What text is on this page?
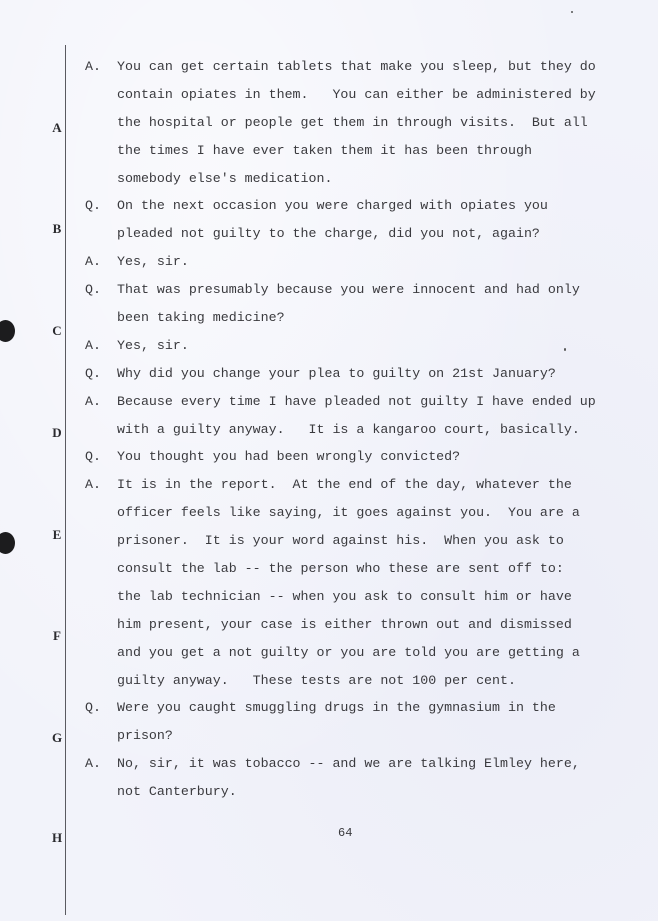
A
B
C
D
E
F
G
H
A. You can get certain tablets that make you sleep, but they do
contain opiates in them.   You can either be administered by
the hospital or people get them in through visits.  But all
the times I have ever taken them it has been through
somebody else's medication.
Q. On the next occasion you were charged with opiates you
pleaded not guilty to the charge, did you not, again?
A. Yes, sir.
Q. That was presumably because you were innocent and had only
been taking medicine?
A. Yes, sir.
Q. Why did you change your plea to guilty on 21st January?
A. Because every time I have pleaded not guilty I have ended up
with a guilty anyway.   It is a kangaroo court, basically.
Q. You thought you had been wrongly convicted?
A. It is in the report.  At the end of the day, whatever the
officer feels like saying, it goes against you.  You are a
prisoner.  It is your word against his.  When you ask to
consult the lab -- the person who these are sent off to:
the lab technician -- when you ask to consult him or have
him present, your case is either thrown out and dismissed
and you get a not guilty or you are told you are getting a
guilty anyway.   These tests are not 100 per cent.
Q. Were you caught smuggling drugs in the gymnasium in the
prison?
A. No, sir, it was tobacco -- and we are talking Elmley here,
not Canterbury.
64
